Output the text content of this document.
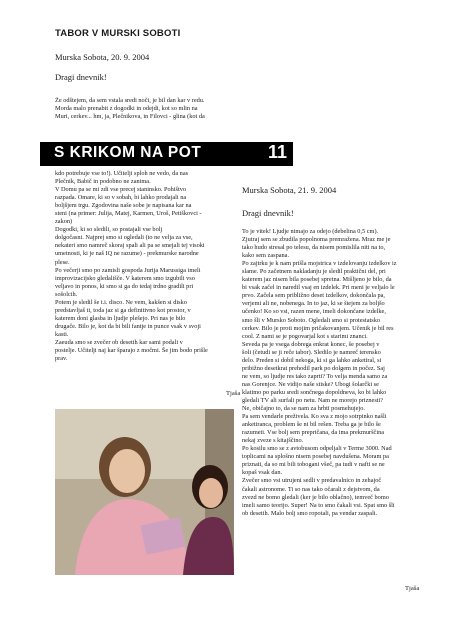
TABOR V MURSKI SOBOTI
Murska Sobota, 20. 9. 2004
Dragi dnevnik!
Že odštejem, da sem vstala sredi noči, je bil dan kar v redu.
Morda malo prenabit z dogodki in odejdi, kot so mlin na
Muri, cerkev... hm, ja, Plečnikova, in Filovci - glina (kot da
S KRIKOM NA POT	11
kdo potrebuje vse to!). Učitelji sploh ne vedo, da nas
Plečnik, Babič in podobno ne zanima.
V Domu pa se mi zdi vse precej staninsko. Pohištvo
razpada. Omare, ki so v sobah, bi lahko prodajali na
boljšjem trgu. Zgodovina naše sobe je napisana kar na
steni (na primer: Julija, Matej, Karmen, Uroš, Petiškovci -
zakon)
Dogodki, ki so sledili, so postajali vse bolj
dolgočasni. Najprej smo si ogledali (to ne velja za vse,
nekateri smo namreč skoraj spali ali pa se smejali tej visoki
umetnosti, ki je naš IQ ne razume) - prekmurske narodne
plese.
Po večerji smo po zamisli gospoda Jurija Marussiga imeli
improvizacijsko gledališče. V katerem smo izgubili vso
veljavo in ponos, ki smo si ga do tedaj trdno gradili pri
sošolcih.
Potem je sledil še t.i. disco. Ne vem, kakšen si disko
predstavljaš ti, toda jaz si ga definitivno kot prostor, v
katerem doni glasba in ljudje plešejo. Pri nas je bilo
drugače. Bilo je, kot da bi bili fantje in punce vsak v svoji
kasti.
Zaeuda smo se zvečer ob desetih kar sami podali v
postelje. Učitelji naj kar šparajo z močmi. Še jim bodo prišle
prav.
Tjaša
Murska Sobota, 21. 9. 2004
Dragi dnevnik!
To je vitek! Ljudje nimajo za odejo (debelina 0,5 cm).
Zjutraj sem se zbudila popolnoma premražena. Mraz me je
tako hudo stresal po telesu, da nisem pomislila niti na to,
kako sem zaspana.
Po zajtrku je k nam prišla mojstrica v izdelovanju izdelkov iz
slame. Po začetnem nakladanju je sledil praktični del, pri
katerem jaz nisem bila posebej spretna. Mišljeno je bilo, da
bi vsak začel in naredil vsaj en izdelek. Pri meni je veljalo le
prvo. Začela sem približno deset izdelkov, dokončala pa,
verjemi ali ne, nobenega. In to jaz, ki se štejem za boljšo
učenko! Ko so vsi, razen mene, imeli dokončane izdelke,
smo šli v Mursko Soboto. Ogledali smo si protestatsko
cerkev. Bilo je proti mojim pričakovanjem. Učenik je bil res
cool. Z nami se je pogovarjal kot s starimi znanci.
Seveda pa je vsega dobrega enkrat konec, še posebej v
šoli (četudi se ji reče tabor). Sledilo je namreč terensko
delo. Preden si dobil nekoga, ki si ga lahko anketiral, si
pribižno desetkrat prehodil park po dolgem in počez. Saj
ne vem, so ljudje res tako zaprti? To velja menda samo za
nas Gorenjce. Ne vidijo naše stiske? Ubogi šolarčki se
klatimo po parku sredi sončnega dopoldneva, ko bi lahko
gledali TV ali surfali po netu. Nam ne morejo priznesti?
Ne, običajno to, da se nam za hrbti posmehujejo.
Pa sem vendarle preživela. Ko sva z mojo sotrpinko našli
anketiranca, problem še ni bil rešen. Treba ga je bilo še
razumeti. Vse bolj sem prepričana, da ima prekmurščina
nekaj zveze s kitajščino.
Po kosilu smo se z avtobusom odpeljali v Terme 3000. Nad
toplicami na splošno nisem posebej navdušena. Moram pa
priznati, da so mi bili tobogani všeč, pa tudi v nafti se ne
kopaš vsak dan.
Zvečer smo vsi utrujeni sedli v predavalnico in zehajoč
čakali astronome. Ti so nas tako očarali z dejstvom, da
zvezd ne bomo gledali (ker je bilo oblačno), temveč bomo
imeli samo teorijo. Super! Na to smo čakali vsi. Spat smo šli
ob desetih. Malo bolj smo ropotali, pa vendar zaspali.
Tjaša
